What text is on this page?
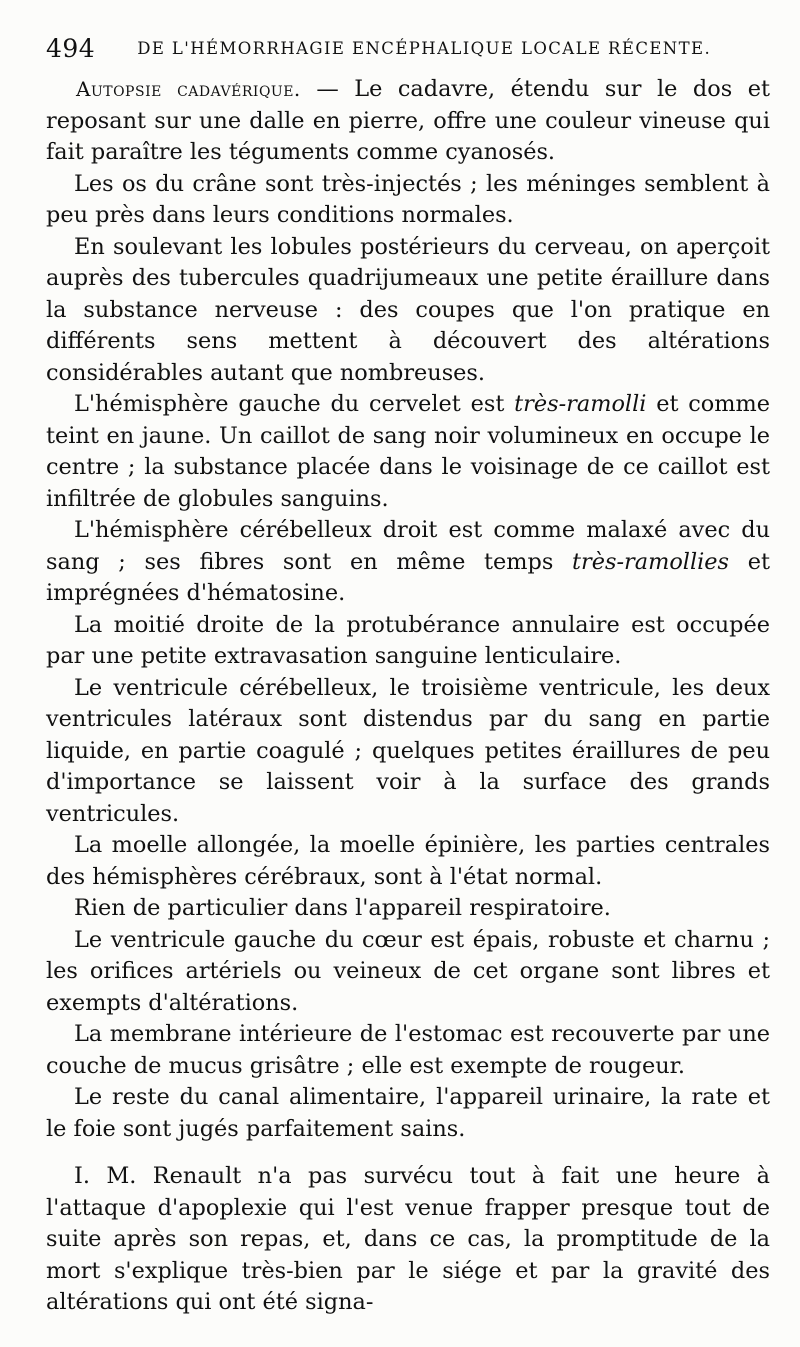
494	DE L'HÉMORRHAGIE ENCÉPHALIQUE LOCALE RÉCENTE.

Autopsie cadavérique. — Le cadavre, étendu sur le dos et reposant sur une dalle en pierre, offre une couleur vineuse qui fait paraître les téguments comme cyanosés.

Les os du crâne sont très-injectés ; les méninges semblent à peu près dans leurs conditions normales.

En soulevant les lobules postérieurs du cerveau, on aperçoit auprès des tubercules quadrijumeaux une petite éraillure dans la substance nerveuse : des coupes que l'on pratique en différents sens mettent à découvert des altérations considérables autant que nombreuses.

L'hémisphère gauche du cervelet est très-ramolli et comme teint en jaune. Un caillot de sang noir volumineux en occupe le centre ; la substance placée dans le voisinage de ce caillot est infiltrée de globules sanguins.

L'hémisphère cérébelleux droit est comme malaxé avec du sang ; ses fibres sont en même temps très-ramollies et imprégnées d'hématosine.

La moitié droite de la protubérance annulaire est occupée par une petite extravasation sanguine lenticulaire.

Le ventricule cérébelleux, le troisième ventricule, les deux ventricules latéraux sont distendus par du sang en partie liquide, en partie coagulé ; quelques petites éraillures de peu d'importance se laissent voir à la surface des grands ventricules.

La moelle allongée, la moelle épinière, les parties centrales des hémisphères cérébraux, sont à l'état normal.

Rien de particulier dans l'appareil respiratoire.

Le ventricule gauche du cœur est épais, robuste et charnu ; les orifices artériels ou veineux de cet organe sont libres et exempts d'altérations.

La membrane intérieure de l'estomac est recouverte par une couche de mucus grisâtre ; elle est exempte de rougeur.

Le reste du canal alimentaire, l'appareil urinaire, la rate et le foie sont jugés parfaitement sains.

I. M. Renault n'a pas survécu tout à fait une heure à l'attaque d'apoplexie qui l'est venue frapper presque tout de suite après son repas, et, dans ce cas, la promptitude de la mort s'explique très-bien par le siége et par la gravité des altérations qui ont été signa-
